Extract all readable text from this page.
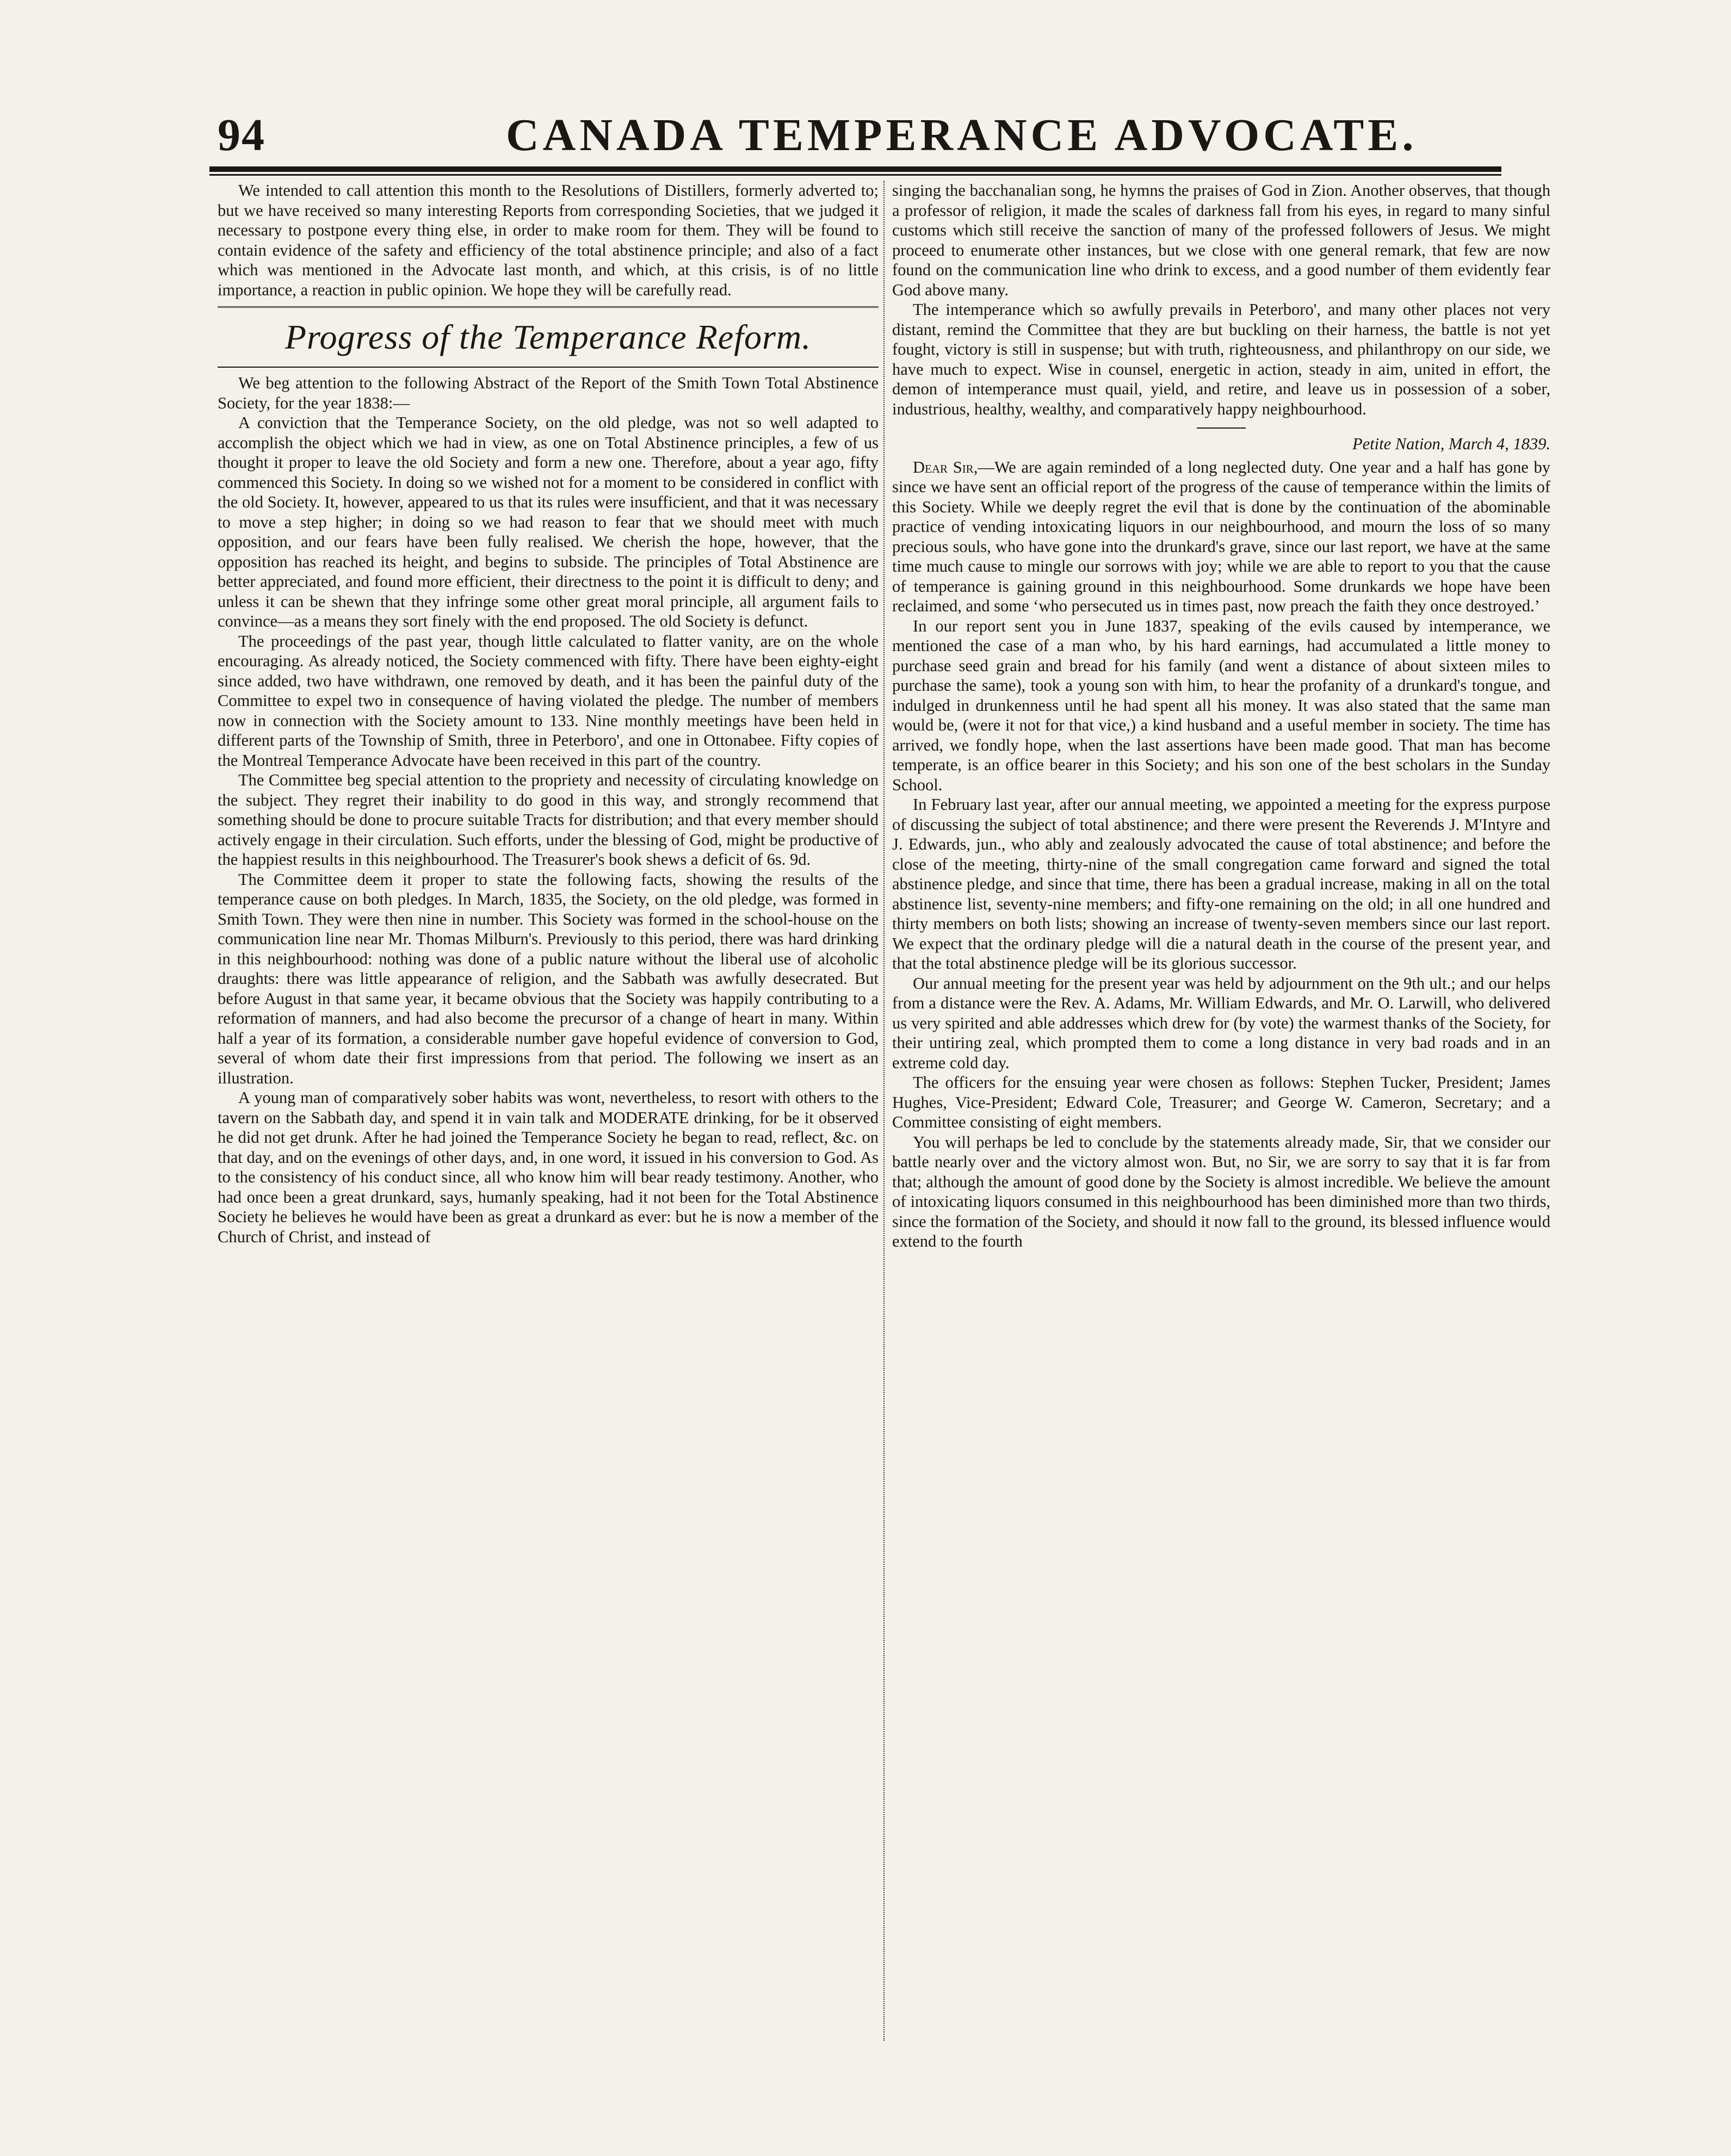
94	CANADA TEMPERANCE ADVOCATE.

We intended to call attention this month to the Resolutions of Distillers, formerly adverted to; but we have received so many interesting Reports from corresponding Societies, that we judged it necessary to postpone every thing else, in order to make room for them. They will be found to contain evidence of the safety and efficiency of the total abstinence principle; and also of a fact which was mentioned in the Advocate last month, and which, at this crisis, is of no little importance, a reaction in public opinion. We hope they will be carefully read.

Progress of the Temperance Reform.

We beg attention to the following Abstract of the Report of the Smith Town Total Abstinence Society, for the year 1838:—

A conviction that the Temperance Society, on the old pledge, was not so well adapted to accomplish the object which we had in view, as one on Total Abstinence principles, a few of us thought it proper to leave the old Society and form a new one. Therefore, about a year ago, fifty commenced this Society. In doing so we wished not for a moment to be considered in conflict with the old Society. It, however, appeared to us that its rules were insufficient, and that it was necessary to move a step higher; in doing so we had reason to fear that we should meet with much opposition, and our fears have been fully realised. We cherish the hope, however, that the opposition has reached its height, and begins to subside. The principles of Total Abstinence are better appreciated, and found more efficient, their directness to the point it is difficult to deny; and unless it can be shewn that they infringe some other great moral principle, all argument fails to convince—as a means they sort finely with the end proposed. The old Society is defunct.

The proceedings of the past year, though little calculated to flatter vanity, are on the whole encouraging. As already noticed, the Society commenced with fifty. There have been eighty-eight since added, two have withdrawn, one removed by death, and it has been the painful duty of the Committee to expel two in consequence of having violated the pledge. The number of members now in connection with the Society amount to 133. Nine monthly meetings have been held in different parts of the Township of Smith, three in Peterboro', and one in Ottonabee. Fifty copies of the Montreal Temperance Advocate have been received in this part of the country.

The Committee beg special attention to the propriety and necessity of circulating knowledge on the subject. They regret their inability to do good in this way, and strongly recommend that something should be done to procure suitable Tracts for distribution; and that every member should actively engage in their circulation. Such efforts, under the blessing of God, might be productive of the happiest results in this neighbourhood. The Treasurer's book shews a deficit of 6s. 9d.

The Committee deem it proper to state the following facts, showing the results of the temperance cause on both pledges. In March, 1835, the Society, on the old pledge, was formed in Smith Town. They were then nine in number. This Society was formed in the school-house on the communication line near Mr. Thomas Milburn's. Previously to this period, there was hard drinking in this neighbourhood: nothing was done of a public nature without the liberal use of alcoholic draughts: there was little appearance of religion, and the Sabbath was awfully desecrated. But before August in that same year, it became obvious that the Society was happily contributing to a reformation of manners, and had also become the precursor of a change of heart in many. Within half a year of its formation, a considerable number gave hopeful evidence of conversion to God, several of whom date their first impressions from that period. The following we insert as an illustration.

A young man of comparatively sober habits was wont, nevertheless, to resort with others to the tavern on the Sabbath day, and spend it in vain talk and MODERATE drinking, for be it observed he did not get drunk. After he had joined the Temperance Society he began to read, reflect, &c. on that day, and on the evenings of other days, and, in one word, it issued in his conversion to God. As to the consistency of his conduct since, all who know him will bear ready testimony. Another, who had once been a great drunkard, says, humanly speaking, had it not been for the Total Abstinence Society he believes he would have been as great a drunkard as ever: but he is now a member of the Church of Christ, and instead of

singing the bacchanalian song, he hymns the praises of God in Zion. Another observes, that though a professor of religion, it made the scales of darkness fall from his eyes, in regard to many sinful customs which still receive the sanction of many of the professed followers of Jesus. We might proceed to enumerate other instances, but we close with one general remark, that few are now found on the communication line who drink to excess, and a good number of them evidently fear God above many.

The intemperance which so awfully prevails in Peterboro', and many other places not very distant, remind the Committee that they are but buckling on their harness, the battle is not yet fought, victory is still in suspense; but with truth, righteousness, and philanthropy on our side, we have much to expect. Wise in counsel, energetic in action, steady in aim, united in effort, the demon of intemperance must quail, yield, and retire, and leave us in possession of a sober, industrious, healthy, wealthy, and comparatively happy neighbourhood.

Petite Nation, March 4, 1839.

Dear Sir,—We are again reminded of a long neglected duty. One year and a half has gone by since we have sent an official report of the progress of the cause of temperance within the limits of this Society. While we deeply regret the evil that is done by the continuation of the abominable practice of vending intoxicating liquors in our neighbourhood, and mourn the loss of so many precious souls, who have gone into the drunkard's grave, since our last report, we have at the same time much cause to mingle our sorrows with joy; while we are able to report to you that the cause of temperance is gaining ground in this neighbourhood. Some drunkards we hope have been reclaimed, and some ‘who persecuted us in times past, now preach the faith they once destroyed.’

In our report sent you in June 1837, speaking of the evils caused by intemperance, we mentioned the case of a man who, by his hard earnings, had accumulated a little money to purchase seed grain and bread for his family (and went a distance of about sixteen miles to purchase the same), took a young son with him, to hear the profanity of a drunkard's tongue, and indulged in drunkenness until he had spent all his money. It was also stated that the same man would be, (were it not for that vice,) a kind husband and a useful member in society. The time has arrived, we fondly hope, when the last assertions have been made good. That man has become temperate, is an office bearer in this Society; and his son one of the best scholars in the Sunday School.

In February last year, after our annual meeting, we appointed a meeting for the express purpose of discussing the subject of total abstinence; and there were present the Reverends J. M'Intyre and J. Edwards, jun., who ably and zealously advocated the cause of total abstinence; and before the close of the meeting, thirty-nine of the small congregation came forward and signed the total abstinence pledge, and since that time, there has been a gradual increase, making in all on the total abstinence list, seventy-nine members; and fifty-one remaining on the old; in all one hundred and thirty members on both lists; showing an increase of twenty-seven members since our last report. We expect that the ordinary pledge will die a natural death in the course of the present year, and that the total abstinence pledge will be its glorious successor.

Our annual meeting for the present year was held by adjournment on the 9th ult.; and our helps from a distance were the Rev. A. Adams, Mr. William Edwards, and Mr. O. Larwill, who delivered us very spirited and able addresses which drew for (by vote) the warmest thanks of the Society, for their untiring zeal, which prompted them to come a long distance in very bad roads and in an extreme cold day.

The officers for the ensuing year were chosen as follows: Stephen Tucker, President; James Hughes, Vice-President; Edward Cole, Treasurer; and George W. Cameron, Secretary; and a Committee consisting of eight members.

You will perhaps be led to conclude by the statements already made, Sir, that we consider our battle nearly over and the victory almost won. But, no Sir, we are sorry to say that it is far from that; although the amount of good done by the Society is almost incredible. We believe the amount of intoxicating liquors consumed in this neighbourhood has been diminished more than two thirds, since the formation of the Society, and should it now fall to the ground, its blessed influence would extend to the fourth
